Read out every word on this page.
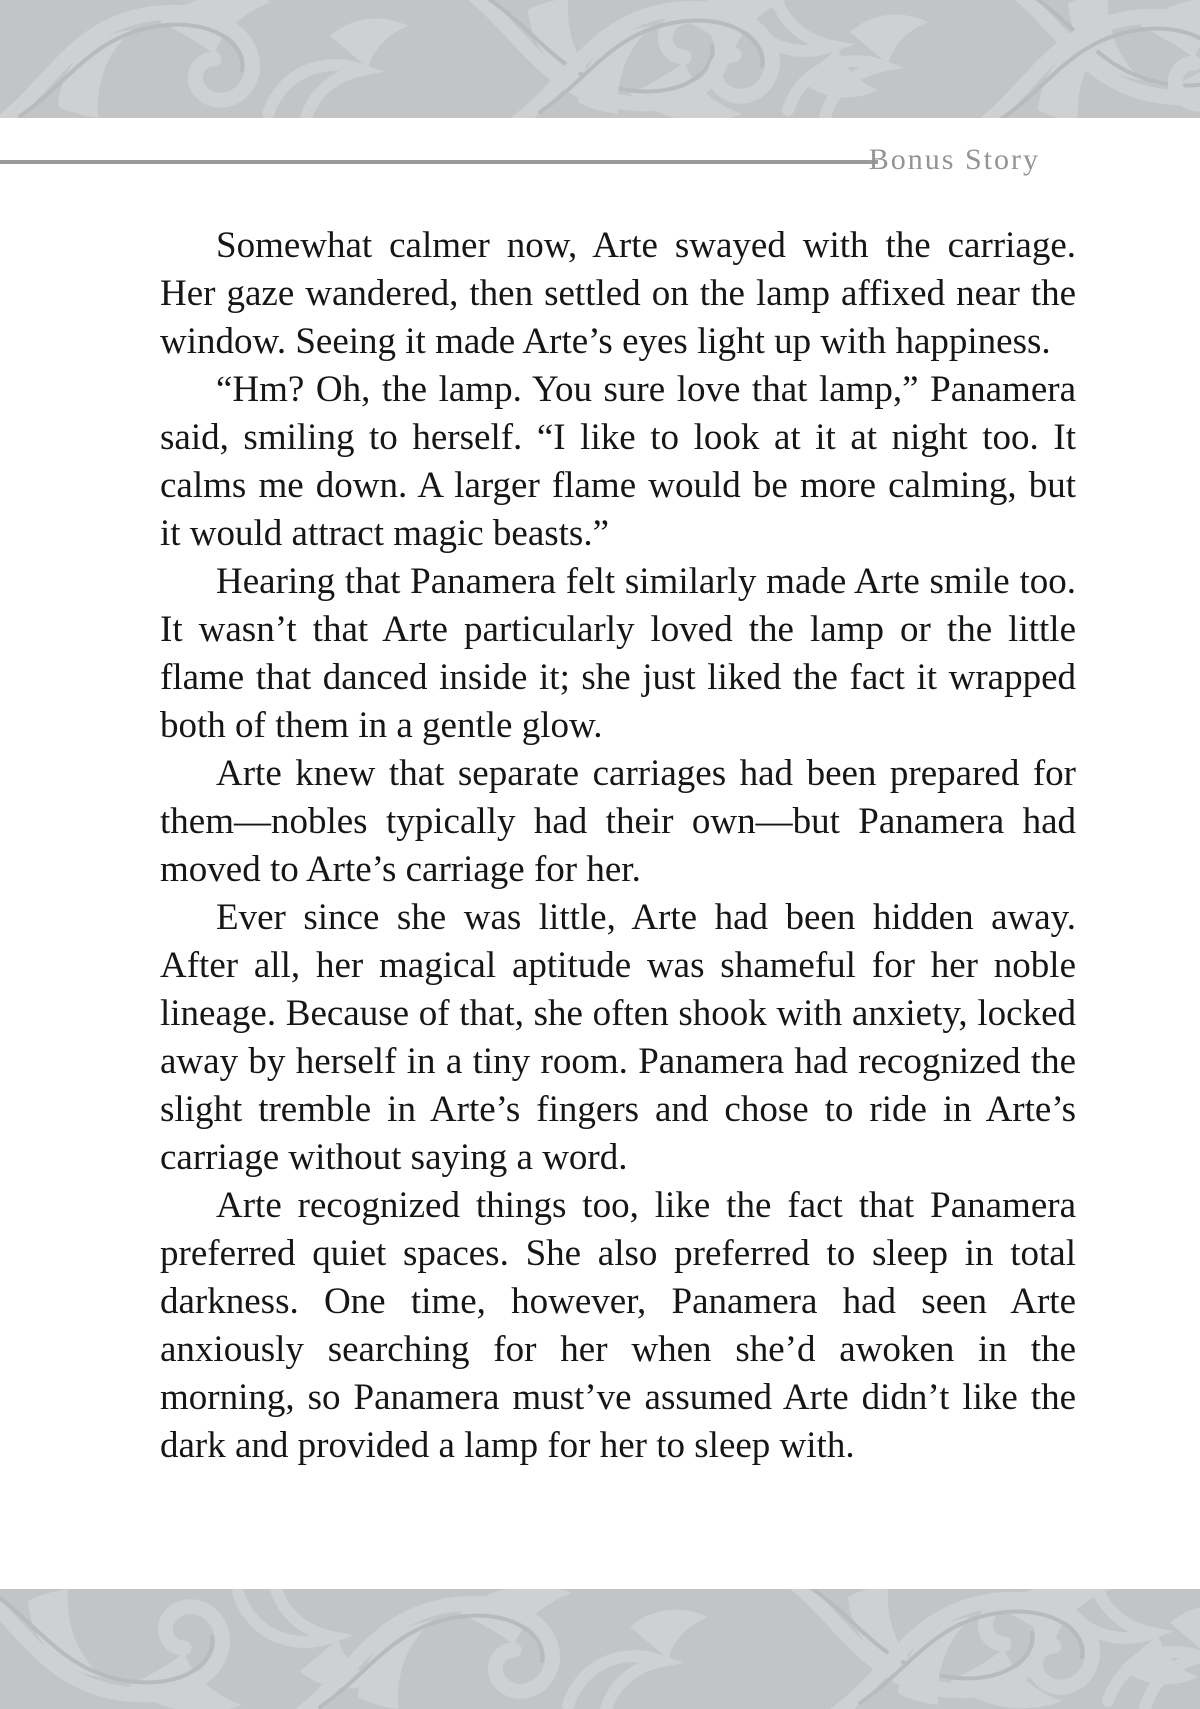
Bonus Story

Somewhat calmer now, Arte swayed with the carriage. Her gaze wandered, then settled on the lamp affixed near the window. Seeing it made Arte’s eyes light up with happiness.

“Hm? Oh, the lamp. You sure love that lamp,” Panamera said, smiling to herself. “I like to look at it at night too. It calms me down. A larger flame would be more calming, but it would attract magic beasts.”

Hearing that Panamera felt similarly made Arte smile too. It wasn’t that Arte particularly loved the lamp or the little flame that danced inside it; she just liked the fact it wrapped both of them in a gentle glow.

Arte knew that separate carriages had been prepared for them—nobles typically had their own—but Panamera had moved to Arte’s carriage for her.

Ever since she was little, Arte had been hidden away. After all, her magical aptitude was shameful for her noble lineage. Because of that, she often shook with anxiety, locked away by herself in a tiny room. Panamera had recognized the slight tremble in Arte’s fingers and chose to ride in Arte’s carriage without saying a word.

Arte recognized things too, like the fact that Panamera preferred quiet spaces. She also preferred to sleep in total darkness. One time, however, Panamera had seen Arte anxiously searching for her when she’d awoken in the morning, so Panamera must’ve assumed Arte didn’t like the dark and provided a lamp for her to sleep with.
